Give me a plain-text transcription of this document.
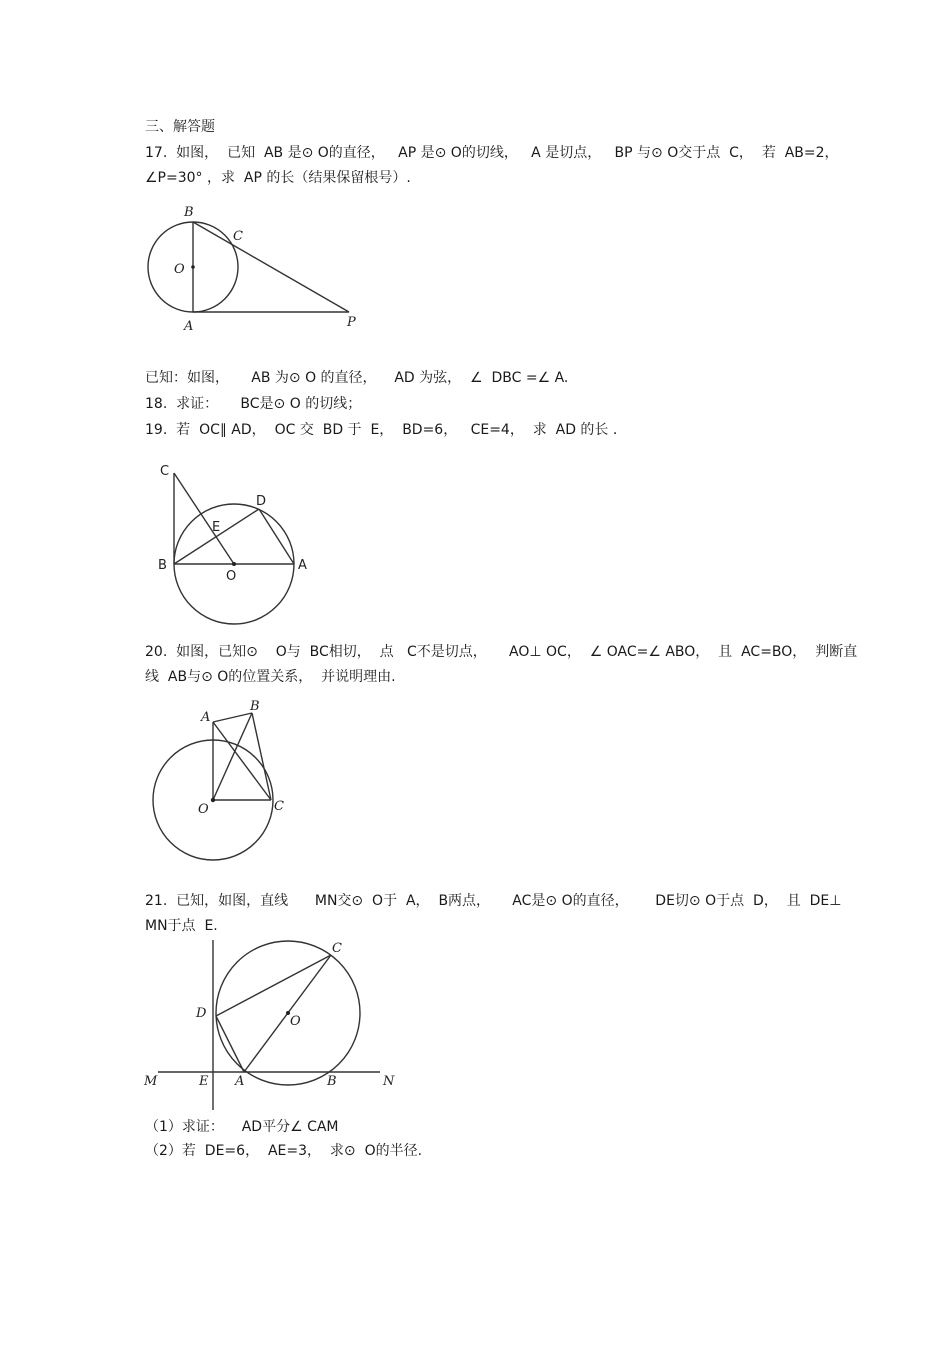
三、解答题
17.  如图，  已知  AB 是⊙ O的直径，   AP 是⊙ O的切线，   A 是切点，   BP 与⊙ O交于点  C，  若  AB=2，
∠P=30° ，求  AP 的长（结果保留根号）.
B
C
O
A	P
已知：如图，     AB 为⊙ O 的直径，    AD 为弦，  ∠  DBC =∠ A.
18.  求证：     BC是⊙ O 的切线；
19.  若  OC∥ AD，  OC 交  BD 于  E，  BD=6，   CE=4，  求  AD 的长 .
C
D
E
B
O
A
20.  如图，已知⊙    O与  BC相切，  点   C不是切点，     AO⊥ OC，  ∠ OAC=∠ ABO，  且  AC=BO，  判断直
线  AB与⊙ O的位置关系，  并说明理由.
A
B
O	C
21.  已知，如图，直线      MN交⊙  O于  A，  B两点，     AC是⊙ O的直径，      DE切⊙ O于点  D，  且  DE⊥
MN于点  E.
C
D
O
M	E A	B	N
（1）求证：    AD平分∠ CAM
（2）若  DE=6，  AE=3，  求⊙  O的半径.
